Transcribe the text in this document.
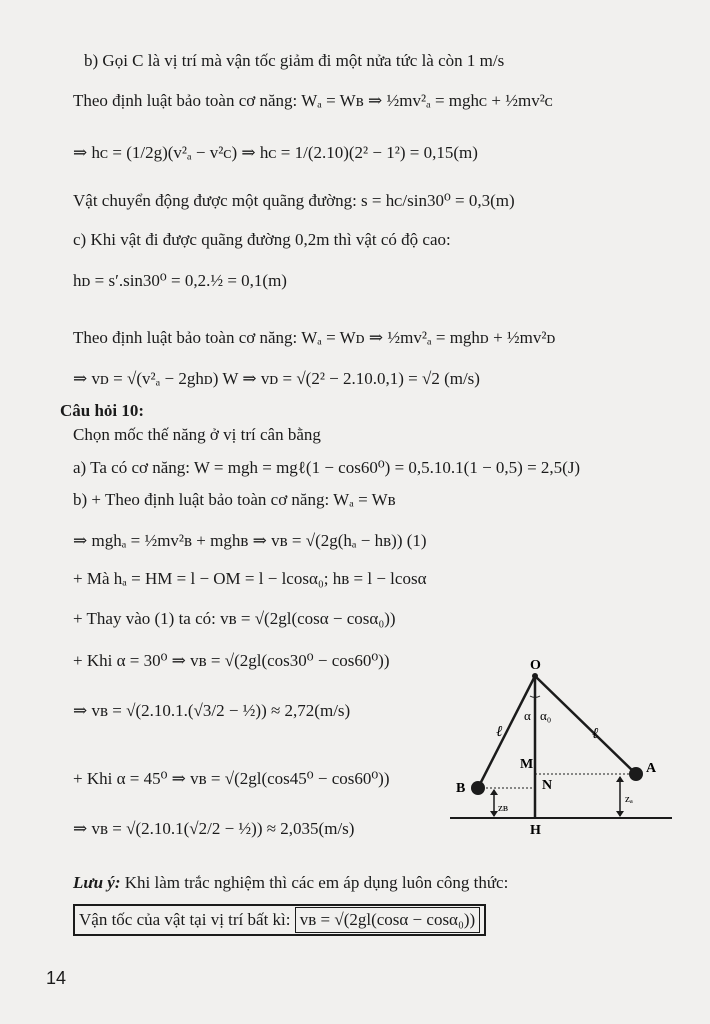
b) Gọi C là vị trí mà vận tốc giảm đi một nửa tức là còn 1 m/s
Theo định luật bảo toàn cơ năng: Wₐ = Wʙ ⇒ ½mv²ₐ = mghᴄ + ½mv²ᴄ
⇒ hᴄ = (1/2g)(v²ₐ − v²ᴄ) ⇒ hᴄ = 1/(2.10)(2² − 1²) = 0,15(m)
Vật chuyển động được một quãng đường: s = hᴄ/sin30⁰ = 0,3(m)
c) Khi vật đi được quãng đường 0,2m thì vật có độ cao:
hᴅ = s′.sin30⁰ = 0,2.½ = 0,1(m)
Theo định luật bảo toàn cơ năng: Wₐ = Wᴅ ⇒ ½mv²ₐ = mghᴅ + ½mv²ᴅ
⇒ vᴅ = √(v²ₐ − 2ghᴅ) W ⇒ vᴅ = √(2² − 2.10.0,1) = √2 (m/s)
Câu hỏi 10:
Chọn mốc thế năng ở vị trí cân bằng
a) Ta có cơ năng: W = mgh = mgℓ(1 − cos60⁰) = 0,5.10.1(1 − 0,5) = 2,5(J)
b) + Theo định luật bảo toàn cơ năng: Wₐ = Wʙ
⇒ mghₐ = ½mv²ʙ + mghʙ ⇒ vʙ = √(2g(hₐ − hʙ)) (1)
+ Mà hₐ = HM = l − OM = l − lcosα₀; hʙ = l − lcosα
+ Thay vào (1) ta có: vʙ = √(2gl(cosα − cosα₀))
+ Khi α = 30⁰ ⇒ vʙ = √(2gl(cos30⁰ − cos60⁰))
⇒ vʙ = √(2.10.1.(√3/2 − ½)) ≈ 2,72(m/s)
+ Khi α = 45⁰ ⇒ vʙ = √(2gl(cos45⁰ − cos60⁰))
⇒ vʙ = √(2.10.1(√2/2 − ½)) ≈ 2,035(m/s)
Lưu ý: Khi làm trắc nghiệm thì các em áp dụng luôn công thức:
Vận tốc của vật tại vị trí bất kì: vʙ = √(2gl(cosα − cosα₀))
14
O
M
N
A
B
H
ℓ	ℓ
α α₀
zʙ
zₐ
